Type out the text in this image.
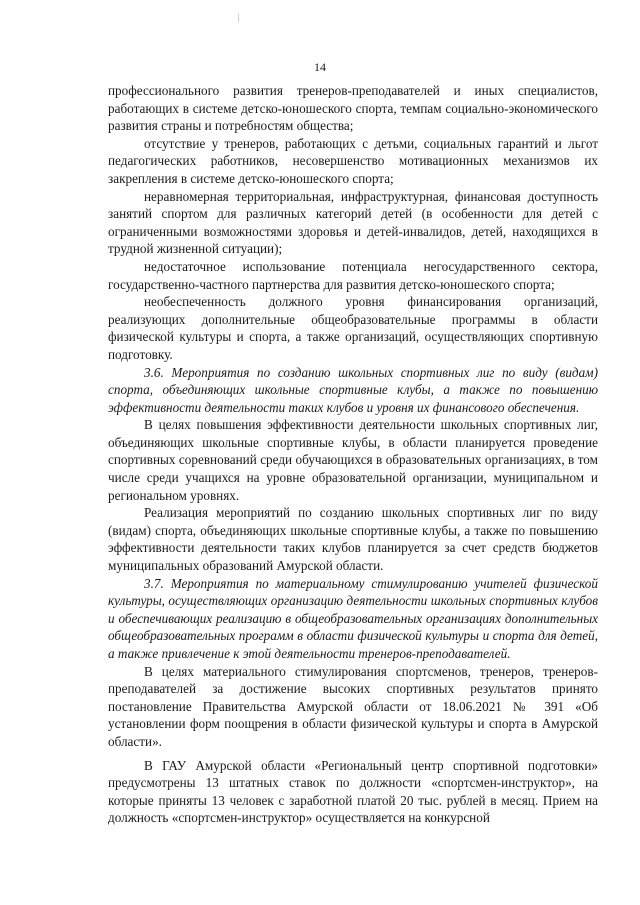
14

профессионального развития тренеров-преподавателей и иных специалистов, работающих в системе детско-юношеского спорта, темпам социально-экономического развития страны и потребностям общества;

отсутствие у тренеров, работающих с детьми, социальных гарантий и льгот педагогических работников, несовершенство мотивационных механизмов их закрепления в системе детско-юношеского спорта;

неравномерная территориальная, инфраструктурная, финансовая доступность занятий спортом для различных категорий детей (в особенности для детей с ограниченными возможностями здоровья и детей-инвалидов, детей, находящихся в трудной жизненной ситуации);

недостаточное использование потенциала негосударственного сектора, государственно-частного партнерства для развития детско-юношеского спорта;

необеспеченность должного уровня финансирования организаций, реализующих дополнительные общеобразовательные программы в области физической культуры и спорта, а также организаций, осуществляющих спортивную подготовку.

3.6. Мероприятия по созданию школьных спортивных лиг по виду (видам) спорта, объединяющих школьные спортивные клубы, а также по повышению эффективности деятельности таких клубов и уровня их финансового обеспечения.

В целях повышения эффективности деятельности школьных спортивных лиг, объединяющих школьные спортивные клубы, в области планируется проведение спортивных соревнований среди обучающихся в образовательных организациях, в том числе среди учащихся на уровне образовательной организации, муниципальном и региональном уровнях.

Реализация мероприятий по созданию школьных спортивных лиг по виду (видам) спорта, объединяющих школьные спортивные клубы, а также по повышению эффективности деятельности таких клубов планируется за счет средств бюджетов муниципальных образований Амурской области.

3.7. Мероприятия по материальному стимулированию учителей физической культуры, осуществляющих организацию деятельности школьных спортивных клубов и обеспечивающих реализацию в общеобразовательных организациях дополнительных общеобразовательных программ в области физической культуры и спорта для детей, а также привлечение к этой деятельности тренеров-преподавателей.

В целях материального стимулирования спортсменов, тренеров, тренеров-преподавателей за достижение высоких спортивных результатов принято постановление Правительства Амурской области от 18.06.2021 № 391 «Об установлении форм поощрения в области физической культуры и спорта в Амурской области».

В ГАУ Амурской области «Региональный центр спортивной подготовки» предусмотрены 13 штатных ставок по должности «спортсмен-инструктор», на которые приняты 13 человек с заработной платой 20 тыс. рублей в месяц. Прием на должность «спортсмен-инструктор» осуществляется на конкурсной
